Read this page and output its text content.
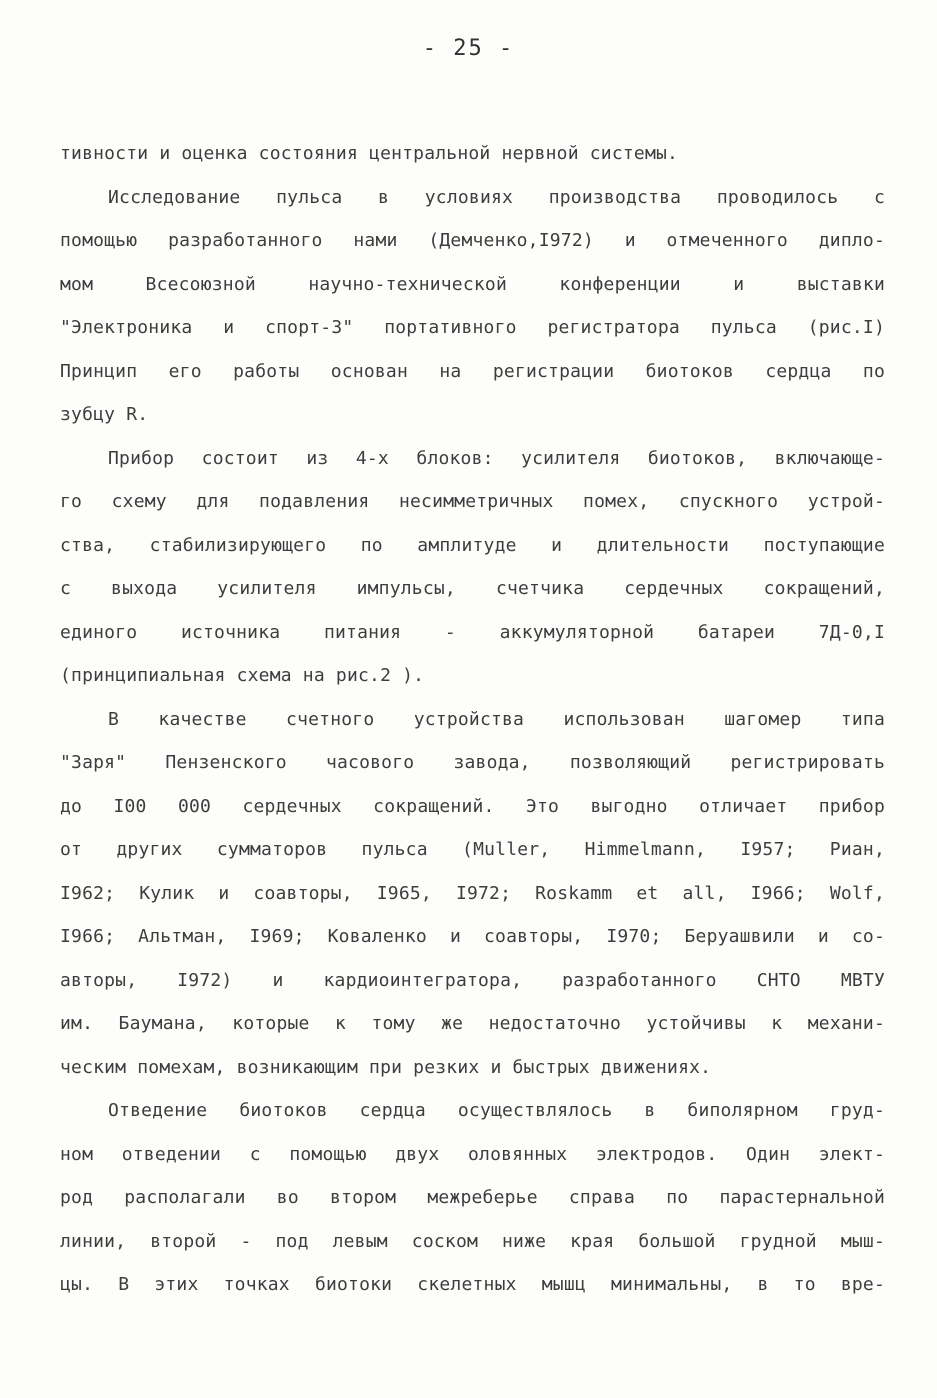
- 25 -
тивности и оценка состояния центральной нервной системы.
Исследование пульса в условиях производства проводилось с
помощью разработанного нами (Демченко,I972) и отмеченного дипло-
мом Всесоюзной научно-технической конференции и выставки
"Электроника и спорт-3" портативного регистратора пульса (рис.I)
Принцип его работы основан на регистрации биотоков сердца по
зубцу R.
Прибор состоит из 4-х блоков: усилителя биотоков, включающе-
го схему для подавления несимметричных помех, спускного устрой-
ства, стабилизирующего по амплитуде и длительности поступающие
с выхода усилителя импульсы, счетчика сердечных сокращений,
единого источника питания - аккумуляторной батареи 7Д-0,I
(принципиальная схема на рис.2 ).
В качестве счетного устройства использован шагомер типа
"Заря" Пензенского часового завода, позволяющий регистрировать
до I00 000 сердечных сокращений. Это выгодно отличает прибор
от других сумматоров пульса (Muller, Himmelmann, I957; Риан,
I962; Кулик и соавторы, I965, I972; Roskamm et all, I966; Wolf,
I966; Альтман, I969; Коваленко и соавторы, I970; Беруашвили и со-
авторы, I972) и кардиоинтегратора, разработанного СНТО МВТУ
им. Баумана, которые к тому же недостаточно устойчивы к механи-
ческим помехам, возникающим при резких и быстрых движениях.
Отведение биотоков сердца осуществлялось в биполярном груд-
ном отведении с помощью двух оловянных электродов. Один элект-
род располагали во втором межреберье справа по парастернальной
линии, второй - под левым соском ниже края большой грудной мыш-
цы. В этих точках биотоки скелетных мышц минимальны, в то вре-
